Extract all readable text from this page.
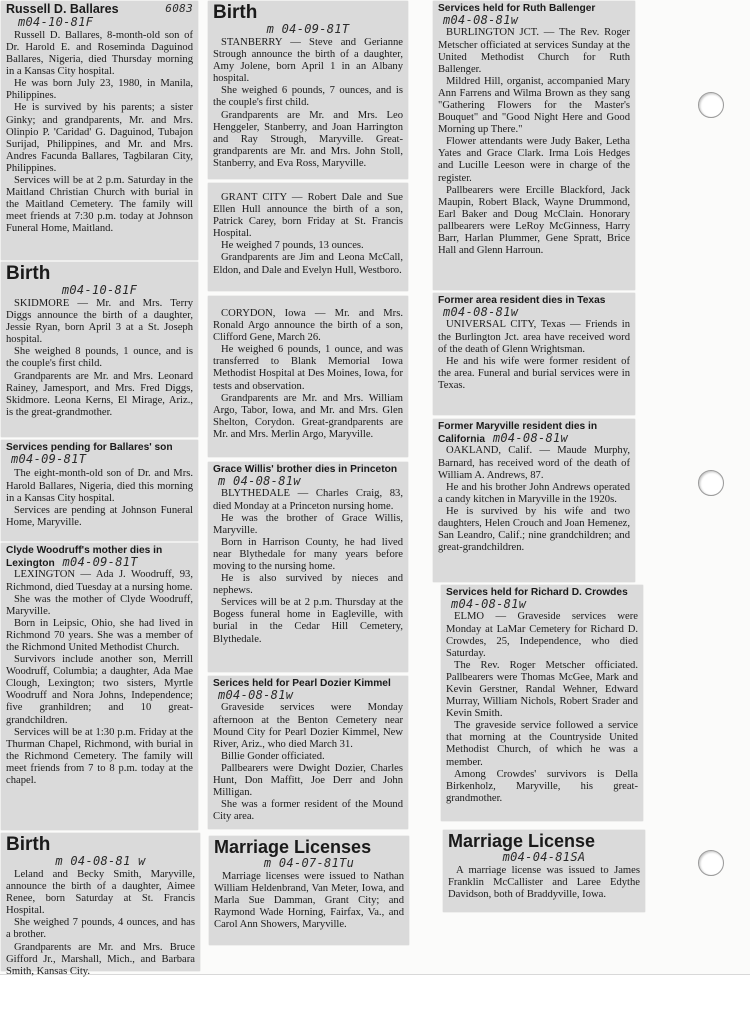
Russell D. Ballares	6083
m04-10-81F

Russell D. Ballares, 8-month-old son of Dr. Harold E. and Roseminda Daguinod Ballares, Nigeria, died Thursday morning in a Kansas City hospital.

He was born July 23, 1980, in Manila, Philippines.

He is survived by his parents; a sister Ginky; and grandparents, Mr. and Mrs. Olinpio P. 'Caridad' G. Daguinod, Tubajon Surijad, Philippines, and Mr. and Mrs. Andres Facunda Ballares, Tagbilaran City, Philippines.

Services will be at 2 p.m. Saturday in the Maitland Christian Church with burial in the Maitland Cemetery. The family will meet friends at 7:30 p.m. today at Johnson Funeral Home, Maitland.

Birth
m04-10-81F

SKIDMORE — Mr. and Mrs. Terry Diggs announce the birth of a daughter, Jessie Ryan, born April 3 at a St. Joseph hospital.

She weighed 8 pounds, 1 ounce, and is the couple's first child.

Grandparents are Mr. and Mrs. Leonard Rainey, Jamesport, and Mrs. Fred Diggs, Skidmore. Leona Kerns, El Mirage, Ariz., is the great-grandmother.

Services pending for Ballares' son m04-09-81T

The eight-month-old son of Dr. and Mrs. Harold Ballares, Nigeria, died this morning in a Kansas City hospital.

Services are pending at Johnson Funeral Home, Maryville.

Clyde Woodruff's mother dies in Lexington m04-09-81T

LEXINGTON — Ada J. Woodruff, 93, Richmond, died Tuesday at a nursing home.

She was the mother of Clyde Woodruff, Maryville.

Born in Leipsic, Ohio, she had lived in Richmond 70 years. She was a member of the Richmond United Methodist Church.

Survivors include another son, Merrill Woodruff, Columbia; a daughter, Ada Mae Clough, Lexington; two sisters, Myrtle Woodruff and Nora Johns, Independence; five granhildren; and 10 great-grandchildren.

Services will be at 1:30 p.m. Friday at the Thurman Chapel, Richmond, with burial in the Richmond Cemetery. The family will meet friends from 7 to 8 p.m. today at the chapel.

Birth
m 04-08-81 w

Leland and Becky Smith, Maryville, announce the birth of a daughter, Aimee Renee, born Saturday at St. Francis Hospital.

She weighed 7 pounds, 4 ounces, and has a brother.

Grandparents are Mr. and Mrs. Bruce Gifford Jr., Marshall, Mich., and Barbara Smith, Kansas City.

Birth
m 04-09-81T

STANBERRY — Steve and Gerianne Strough announce the birth of a daughter, Amy Jolene, born April 1 in an Albany hospital.

She weighed 6 pounds, 7 ounces, and is the couple's first child.

Grandparents are Mr. and Mrs. Leo Henggeler, Stanberry, and Joan Harrington and Ray Strough, Maryville. Great-grandparents are Mr. and Mrs. John Stoll, Stanberry, and Eva Ross, Maryville.

GRANT CITY — Robert Dale and Sue Ellen Hull announce the birth of a son, Patrick Carey, born Friday at St. Francis Hospital.

He weighed 7 pounds, 13 ounces.

Grandparents are Jim and Leona McCall, Eldon, and Dale and Evelyn Hull, Westboro.

CORYDON, Iowa — Mr. and Mrs. Ronald Argo announce the birth of a son, Clifford Gene, March 26.

He weighed 6 pounds, 1 ounce, and was transferred to Blank Memorial Iowa Methodist Hospital at Des Moines, Iowa, for tests and observation.

Grandparents are Mr. and Mrs. William Argo, Tabor, Iowa, and Mr. and Mrs. Glen Shelton, Corydon. Great-grandparents are Mr. and Mrs. Merlin Argo, Maryville.

Grace Willis' brother dies in Princeton m 04-08-81w

BLYTHEDALE — Charles Craig, 83, died Monday at a Princeton nursing home.

He was the brother of Grace Willis, Maryville.

Born in Harrison County, he had lived near Blythedale for many years before moving to the nursing home.

He is also survived by nieces and nephews.

Services will be at 2 p.m. Thursday at the Bogess funeral home in Eagleville, with burial in the Cedar Hill Cemetery, Blythedale.

Serices held for Pearl Dozier Kimmel m04-08-81w

Graveside services were Monday afternoon at the Benton Cemetery near Mound City for Pearl Dozier Kimmel, New River, Ariz., who died March 31.

Billie Gonder officiated.

Pallbearers were Dwight Dozier, Charles Hunt, Don Maffitt, Joe Derr and John Milligan.

She was a former resident of the Mound City area.

Marriage Licenses
m 04-07-81Tu

Marriage licenses were issued to Nathan William Heldenbrand, Van Meter, Iowa, and Marla Sue Damman, Grant City; and Raymond Wade Horning, Fairfax, Va., and Carol Ann Showers, Maryville.

Services held for Ruth Ballenger m04-08-81w

BURLINGTON JCT. — The Rev. Roger Metscher officiated at services Sunday at the United Methodist Church for Ruth Ballenger.

Mildred Hill, organist, accompanied Mary Ann Farrens and Wilma Brown as they sang "Gathering Flowers for the Master's Bouquet" and "Good Night Here and Good Morning up There."

Flower attendants were Judy Baker, Letha Yates and Grace Clark. Irma Lois Hedges and Lucille Leeson were in charge of the register.

Pallbearers were Ercille Blackford, Jack Maupin, Robert Black, Wayne Drummond, Earl Baker and Doug McClain. Honorary pallbearers were LeRoy McGinness, Harry Barr, Harlan Plummer, Gene Spratt, Brice Hall and Glenn Harroun.

Former area resident dies in Texas m04-08-81w

UNIVERSAL CITY, Texas — Friends in the Burlington Jct. area have received word of the death of Glenn Wrightsman.

He and his wife were former resident of the area. Funeral and burial services were in Texas.

Former Maryville resident dies in California m04-08-81w

OAKLAND, Calif. — Maude Murphy, Barnard, has received word of the death of William A. Andrews, 87.

He and his brother John Andrews operated a candy kitchen in Maryville in the 1920s.

He is survived by his wife and two daughters, Helen Crouch and Joan Hemenez, San Leandro, Calif.; nine grandchildren; and great-grandchildren.

Services held for Richard D. Crowdes m04-08-81w

ELMO — Graveside services were Monday at LaMar Cemetery for Richard D. Crowdes, 25, Independence, who died Saturday.

The Rev. Roger Metscher officiated. Pallbearers were Thomas McGee, Mark and Kevin Gerstner, Randal Wehner, Edward Murray, William Nichols, Robert Srader and Kevin Smith.

The graveside service followed a service that morning at the Countryside United Methodist Church, of which he was a member.

Among Crowdes' survivors is Della Birkenholz, Maryville, his great-grandmother.

Marriage License
m04-04-81SA

A marriage license was issued to James Franklin McCallister and Laree Edythe Davidson, both of Braddyville, Iowa.
